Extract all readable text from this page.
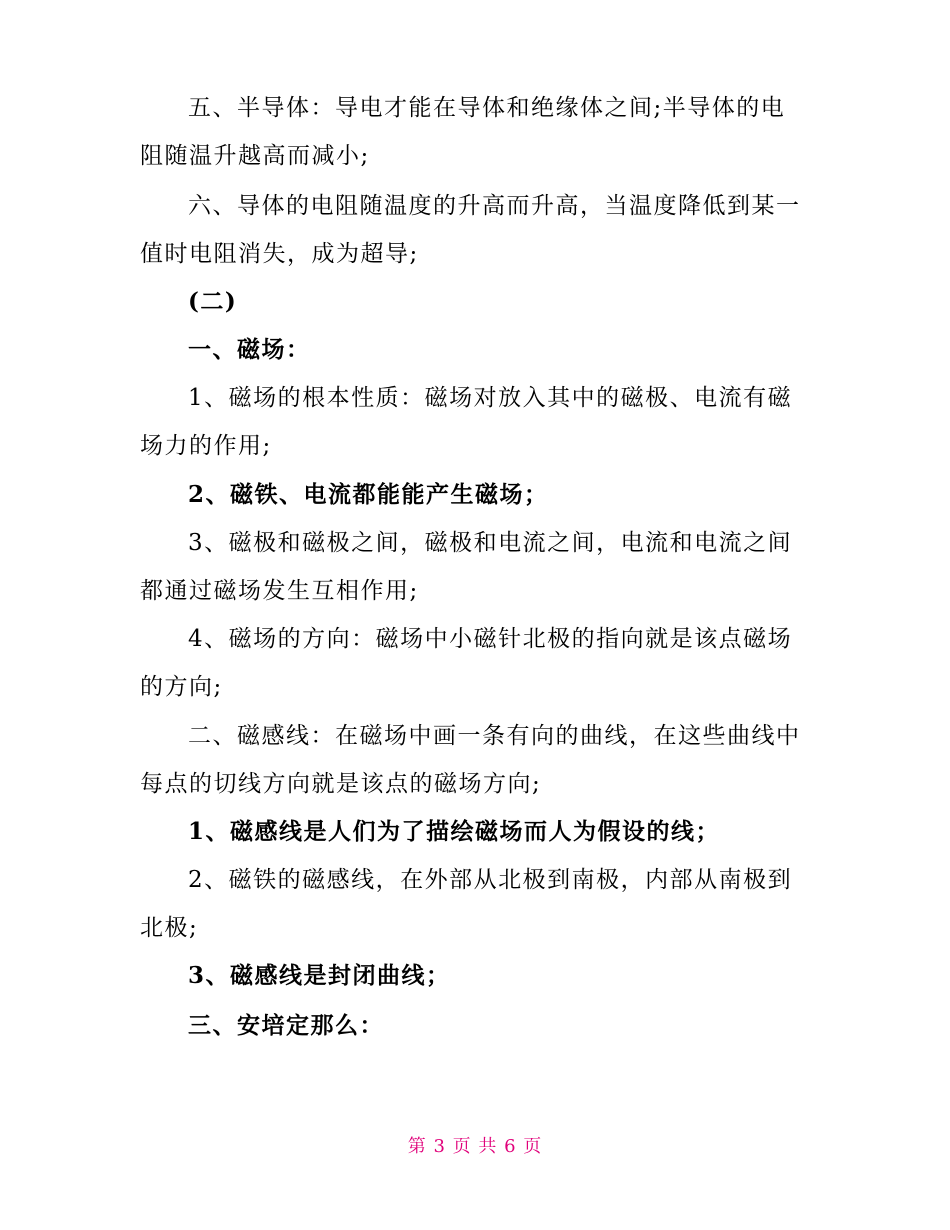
五、半导体：导电才能在导体和绝缘体之间;半导体的电
阻随温升越高而减小;
六、导体的电阻随温度的升高而升高，当温度降低到某一
值时电阻消失，成为超导;
(二)
一、磁场：
1、磁场的根本性质：磁场对放入其中的磁极、电流有磁
场力的作用;
2、磁铁、电流都能能产生磁场；
3、磁极和磁极之间，磁极和电流之间，电流和电流之间
都通过磁场发生互相作用;
4、磁场的方向：磁场中小磁针北极的指向就是该点磁场
的方向;
二、磁感线：在磁场中画一条有向的曲线，在这些曲线中
每点的切线方向就是该点的磁场方向;
1、磁感线是人们为了描绘磁场而人为假设的线；
2、磁铁的磁感线，在外部从北极到南极，内部从南极到
北极;
3、磁感线是封闭曲线；
三、安培定那么：
第 3 页 共 6 页
